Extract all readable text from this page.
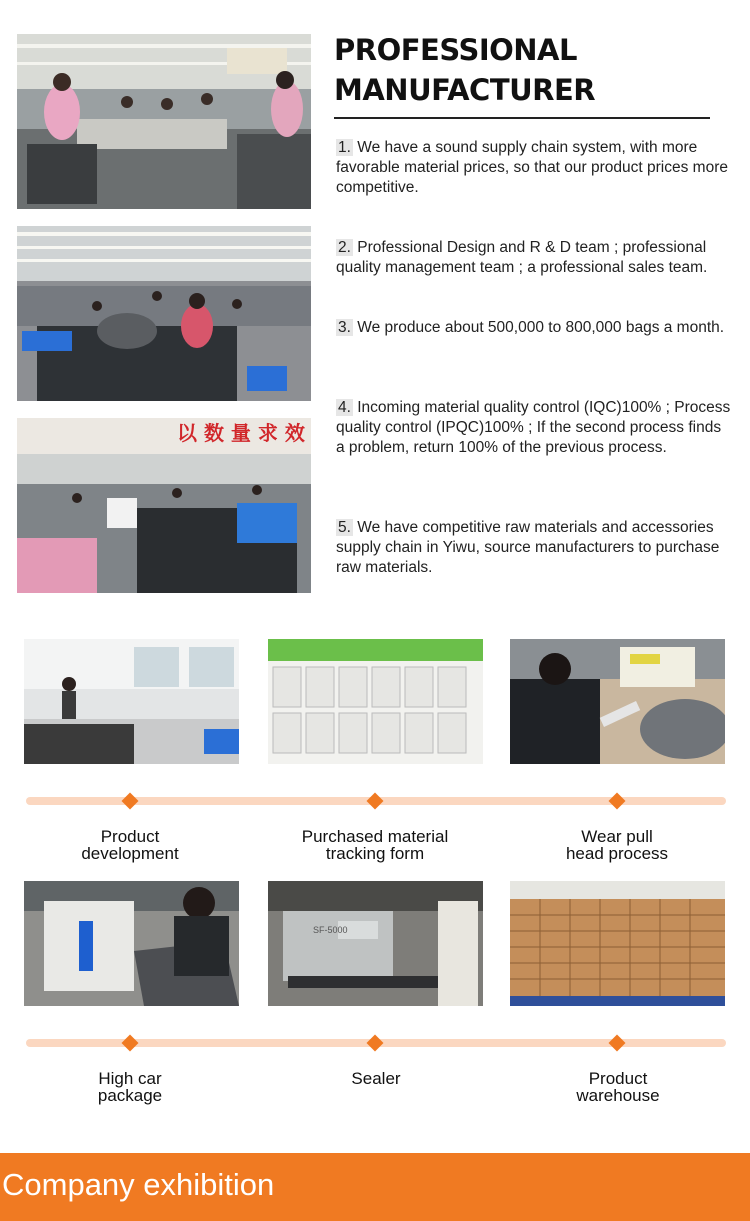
以 数 量 求 效
PROFESSIONAL
MANUFACTURER
1. We have a sound supply chain system, with more favorable material prices, so that our product prices more competitive.
2. Professional Design and R & D team ; professional quality management team ; a professional sales team.
3. We produce about 500,000 to 800,000 bags a month.
4. Incoming material quality control (IQC)100% ; Process quality control (IPQC)100% ; If the second process finds a problem, return 100% of the previous process.
5. We have competitive raw materials and accessories supply chain in Yiwu, source manufacturers to purchase raw materials.
Product
development
Purchased material
tracking form
Wear pull
head process
SF-5000
High car
package
Sealer	Product
warehouse
Company exhibition
